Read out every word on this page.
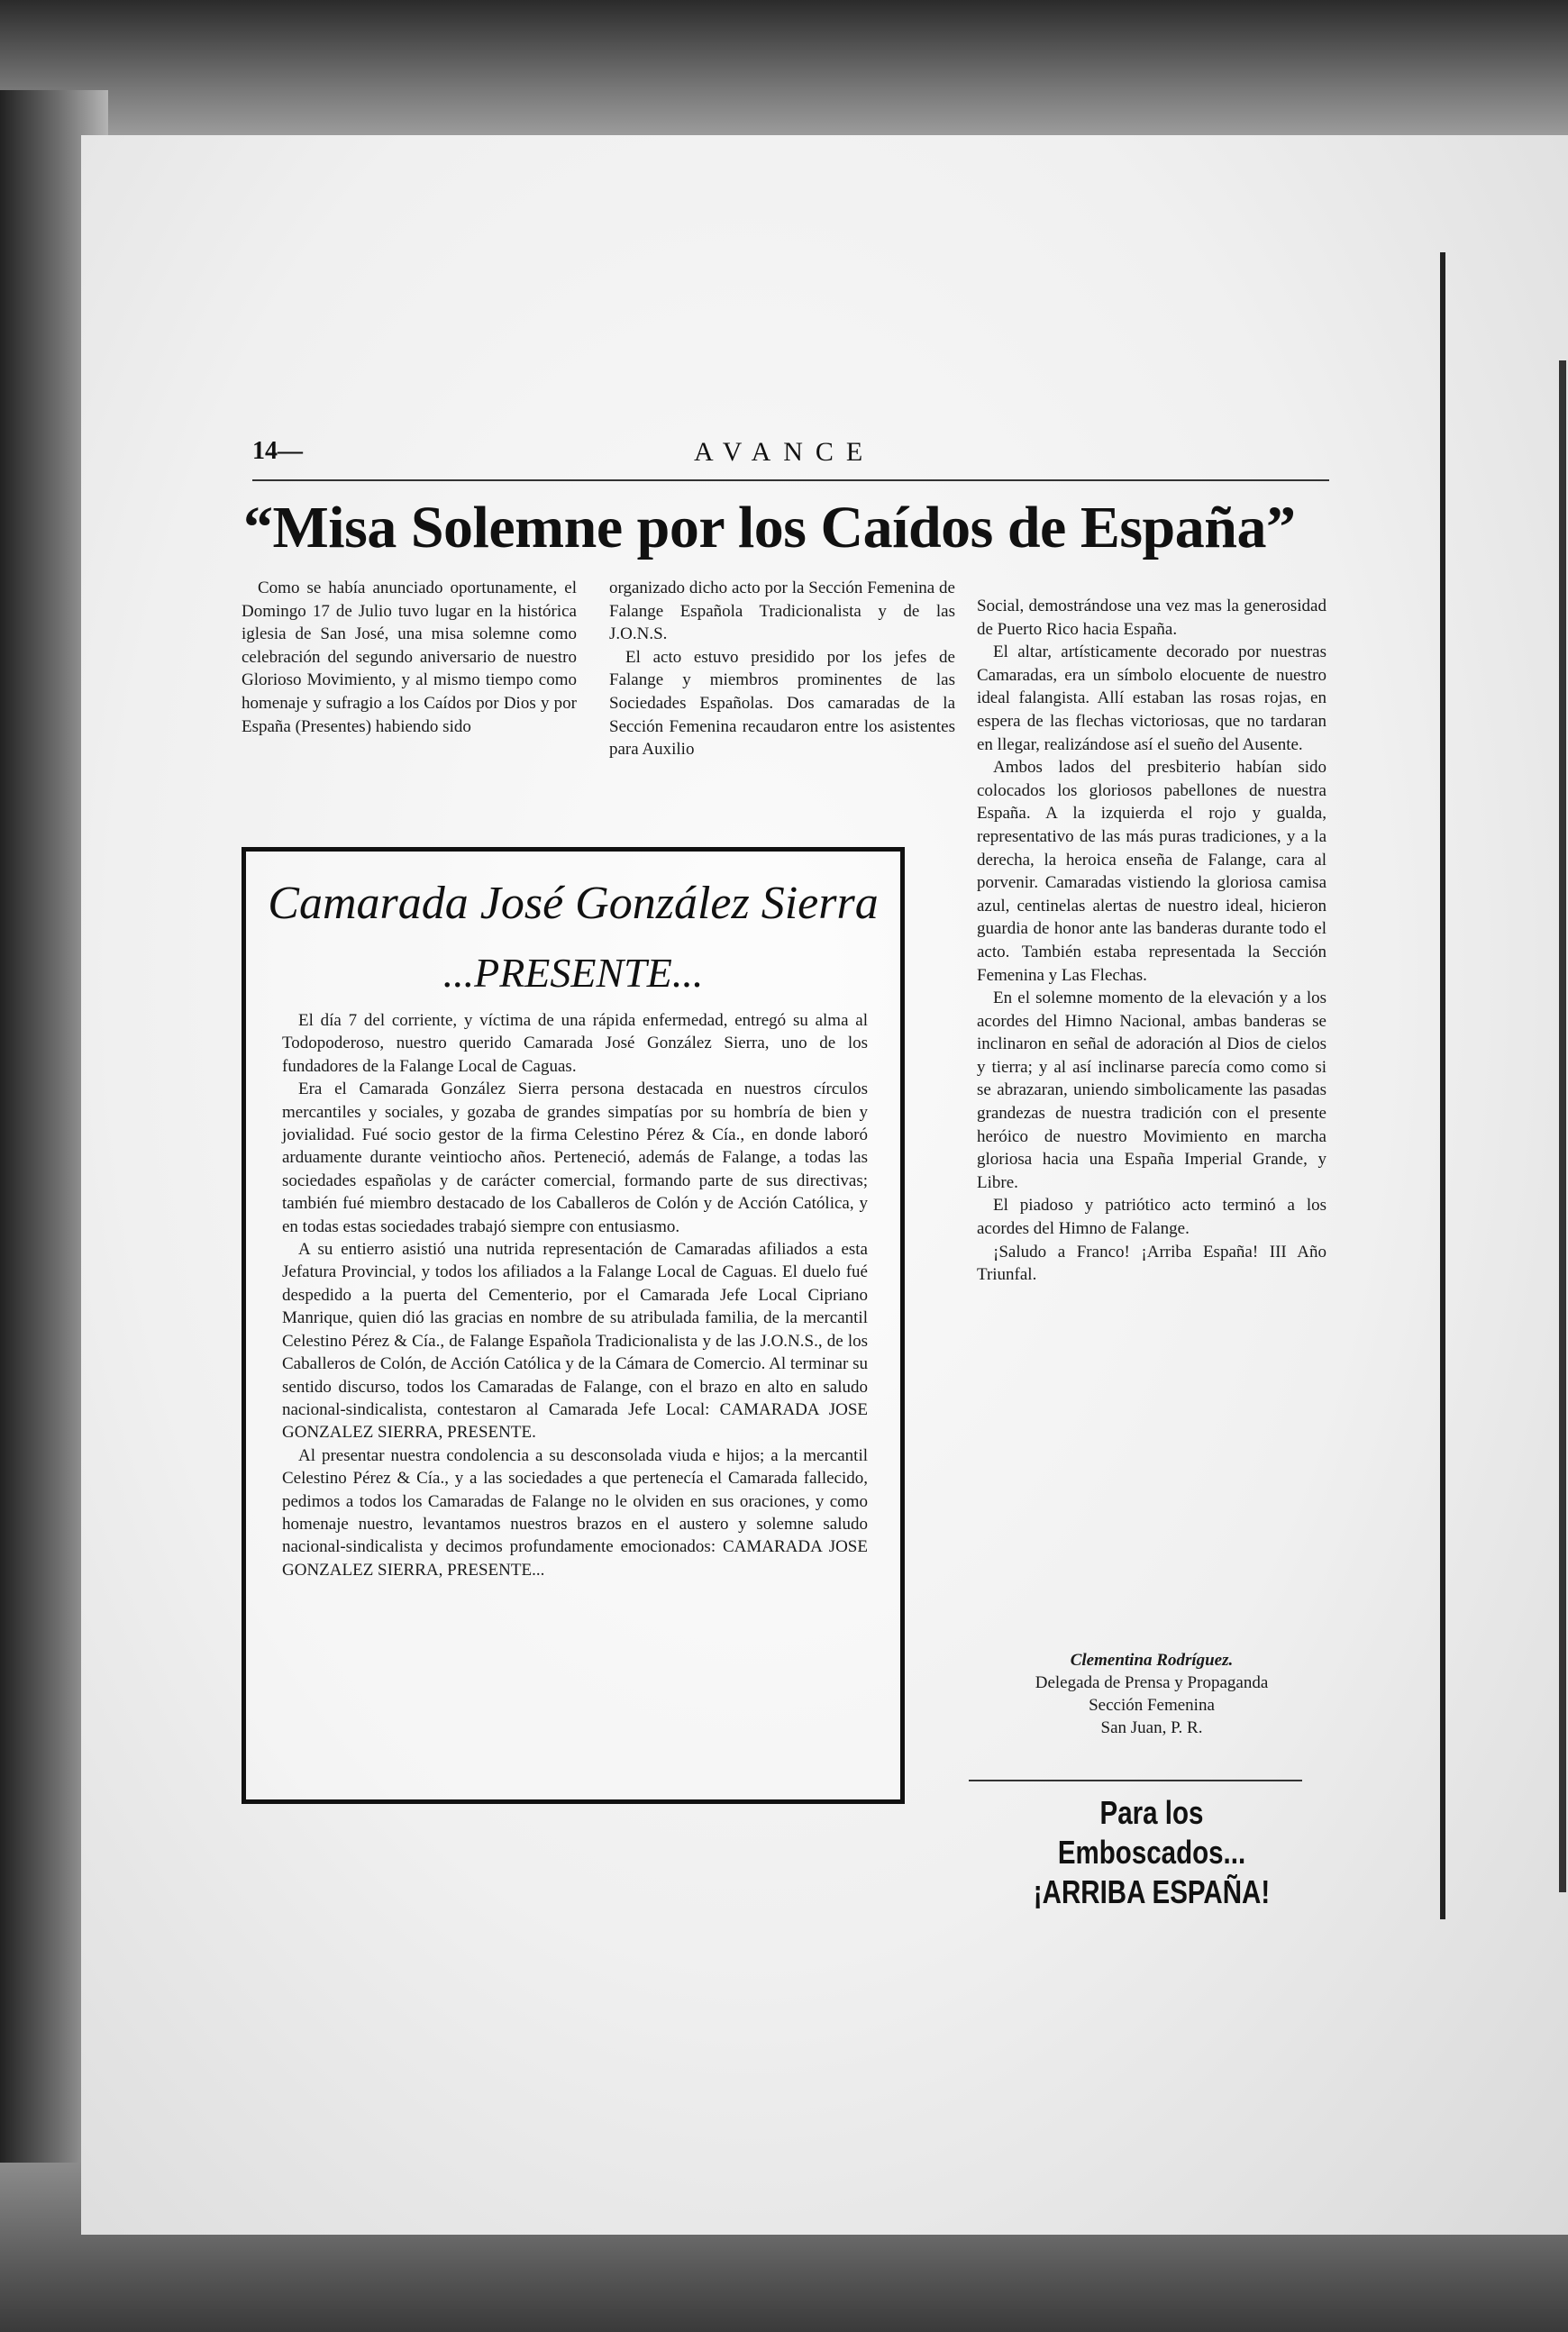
14—	AVANCE
“Misa Solemne por los Caídos de España”

Como se había anunciado oportunamente, el Domingo 17 de Julio tuvo lugar en la histórica iglesia de San José, una misa solemne como celebración del segundo aniversario de nuestro Glorioso Movimiento, y al mismo tiempo como homenaje y sufragio a los Caídos por Dios y por España (Presentes) habiendo sido

organizado dicho acto por la Sección Femenina de Falange Española Tradicionalista y de las J.O.N.S.

El acto estuvo presidido por los jefes de Falange y miembros prominentes de las Sociedades Españolas. Dos camaradas de la Sección Femenina recaudaron entre los asistentes para Auxilio

Social, demostrándose una vez mas la generosidad de Puerto Rico hacia España.

El altar, artísticamente decorado por nuestras Camaradas, era un símbolo elocuente de nuestro ideal falangista. Allí estaban las rosas rojas, en espera de las flechas victoriosas, que no tardaran en llegar, realizándose así el sueño del Ausente.

Ambos lados del presbiterio habían sido colocados los gloriosos pabellones de nuestra España. A la izquierda el rojo y gualda, representativo de las más puras tradiciones, y a la derecha, la heroica enseña de Falange, cara al porvenir. Camaradas vistiendo la gloriosa camisa azul, centinelas alertas de nuestro ideal, hicieron guardia de honor ante las banderas durante todo el acto. También estaba representada la Sección Femenina y Las Flechas.

En el solemne momento de la elevación y a los acordes del Himno Nacional, ambas banderas se inclinaron en señal de adoración al Dios de cielos y tierra; y al así inclinarse parecía como como si se abrazaran, uniendo simbolicamente las pasadas grandezas de nuestra tradición con el presente heróico de nuestro Movimiento en marcha gloriosa hacia una España Imperial Grande, y Libre.

El piadoso y patriótico acto terminó a los acordes del Himno de Falange.

¡Saludo a Franco! ¡Arriba España! III Año Triunfal.

Camarada José González Sierra
...PRESENTE...

El día 7 del corriente, y víctima de una rápida enfermedad, entregó su alma al Todopoderoso, nuestro querido Camarada José González Sierra, uno de los fundadores de la Falange Local de Caguas.

Era el Camarada González Sierra persona destacada en nuestros círculos mercantiles y sociales, y gozaba de grandes simpatías por su hombría de bien y jovialidad. Fué socio gestor de la firma Celestino Pérez & Cía., en donde laboró arduamente durante veintiocho años. Perteneció, además de Falange, a todas las sociedades españolas y de carácter comercial, formando parte de sus directivas; también fué miembro destacado de los Caballeros de Colón y de Acción Católica, y en todas estas sociedades trabajó siempre con entusiasmo.

A su entierro asistió una nutrida representación de Camaradas afiliados a esta Jefatura Provincial, y todos los afiliados a la Falange Local de Caguas. El duelo fué despedido a la puerta del Cementerio, por el Camarada Jefe Local Cipriano Manrique, quien dió las gracias en nombre de su atribulada familia, de la mercantil Celestino Pérez & Cía., de Falange Española Tradicionalista y de las J.O.N.S., de los Caballeros de Colón, de Acción Católica y de la Cámara de Comercio. Al terminar su sentido discurso, todos los Camaradas de Falange, con el brazo en alto en saludo nacional-sindicalista, contestaron al Camarada Jefe Local: CAMARADA JOSE GONZALEZ SIERRA, PRESENTE.

Al presentar nuestra condolencia a su desconsolada viuda e hijos; a la mercantil Celestino Pérez & Cía., y a las sociedades a que pertenecía el Camarada fallecido, pedimos a todos los Camaradas de Falange no le olviden en sus oraciones, y como homenaje nuestro, levantamos nuestros brazos en el austero y solemne saludo nacional-sindicalista y decimos profundamente emocionados: CAMARADA JOSE GONZALEZ SIERRA, PRESENTE...

Clementina Rodríguez.
Delegada de Prensa y Propaganda
Sección Femenina
San Juan, P. R.
Para los Emboscados...
¡ARRIBA ESPAÑA!
